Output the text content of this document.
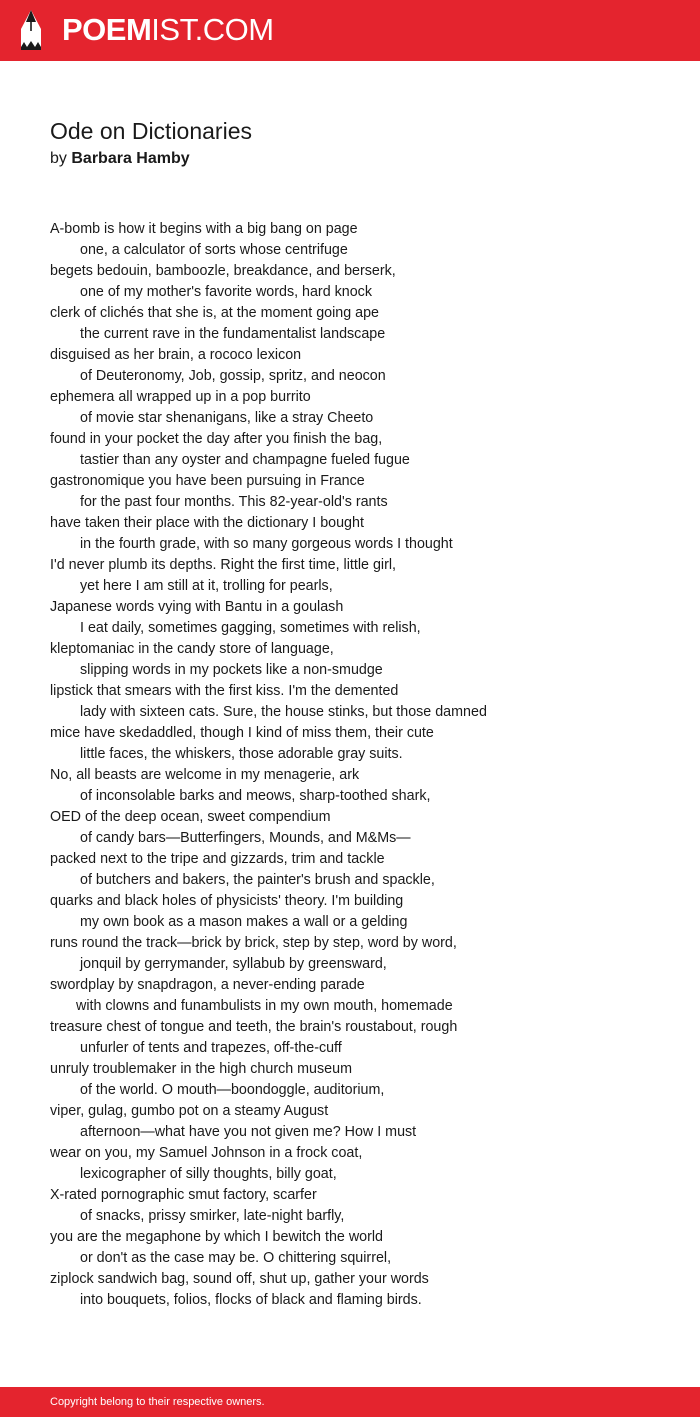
POEMIST.COM
Ode on Dictionaries
by Barbara Hamby
A-bomb is how it begins with a big bang on page
one, a calculator of sorts whose centrifuge
begets bedouin, bamboozle, breakdance, and berserk,
one of my mother's favorite words, hard knock
clerk of clichés that she is, at the moment going ape
the current rave in the fundamentalist landscape
disguised as her brain, a rococo lexicon
of Deuteronomy, Job, gossip, spritz, and neocon
ephemera all wrapped up in a pop burrito
of movie star shenanigans, like a stray Cheeto
found in your pocket the day after you finish the bag,
tastier than any oyster and champagne fueled fugue
gastronomique you have been pursuing in France
for the past four months. This 82-year-old's rants
have taken their place with the dictionary I bought
in the fourth grade, with so many gorgeous words I thought
I'd never plumb its depths. Right the first time, little girl,
yet here I am still at it, trolling for pearls,
Japanese words vying with Bantu in a goulash
I eat daily, sometimes gagging, sometimes with relish,
kleptomaniac in the candy store of language,
slipping words in my pockets like a non-smudge
lipstick that smears with the first kiss. I'm the demented
lady with sixteen cats. Sure, the house stinks, but those damned
mice have skedaddled, though I kind of miss them, their cute
little faces, the whiskers, those adorable gray suits.
No, all beasts are welcome in my menagerie, ark
of inconsolable barks and meows, sharp-toothed shark,
OED of the deep ocean, sweet compendium
of candy bars—Butterfingers, Mounds, and M&Ms—
packed next to the tripe and gizzards, trim and tackle
of butchers and bakers, the painter's brush and spackle,
quarks and black holes of physicists' theory. I'm building
my own book as a mason makes a wall or a gelding
runs round the track—brick by brick, step by step, word by word,
jonquil by gerrymander, syllabub by greensward,
swordplay by snapdragon, a never-ending parade
with clowns and funambulists in my own mouth, homemade
treasure chest of tongue and teeth, the brain's roustabout, rough
unfurler of tents and trapezes, off-the-cuff
unruly troublemaker in the high church museum
of the world. O mouth—boondoggle, auditorium,
viper, gulag, gumbo pot on a steamy August
afternoon—what have you not given me? How I must
wear on you, my Samuel Johnson in a frock coat,
lexicographer of silly thoughts, billy goat,
X-rated pornographic smut factory, scarfer
of snacks, prissy smirker, late-night barfly,
you are the megaphone by which I bewitch the world
or don't as the case may be. O chittering squirrel,
ziplock sandwich bag, sound off, shut up, gather your words
into bouquets, folios, flocks of black and flaming birds.
Copyright belong to their respective owners.
